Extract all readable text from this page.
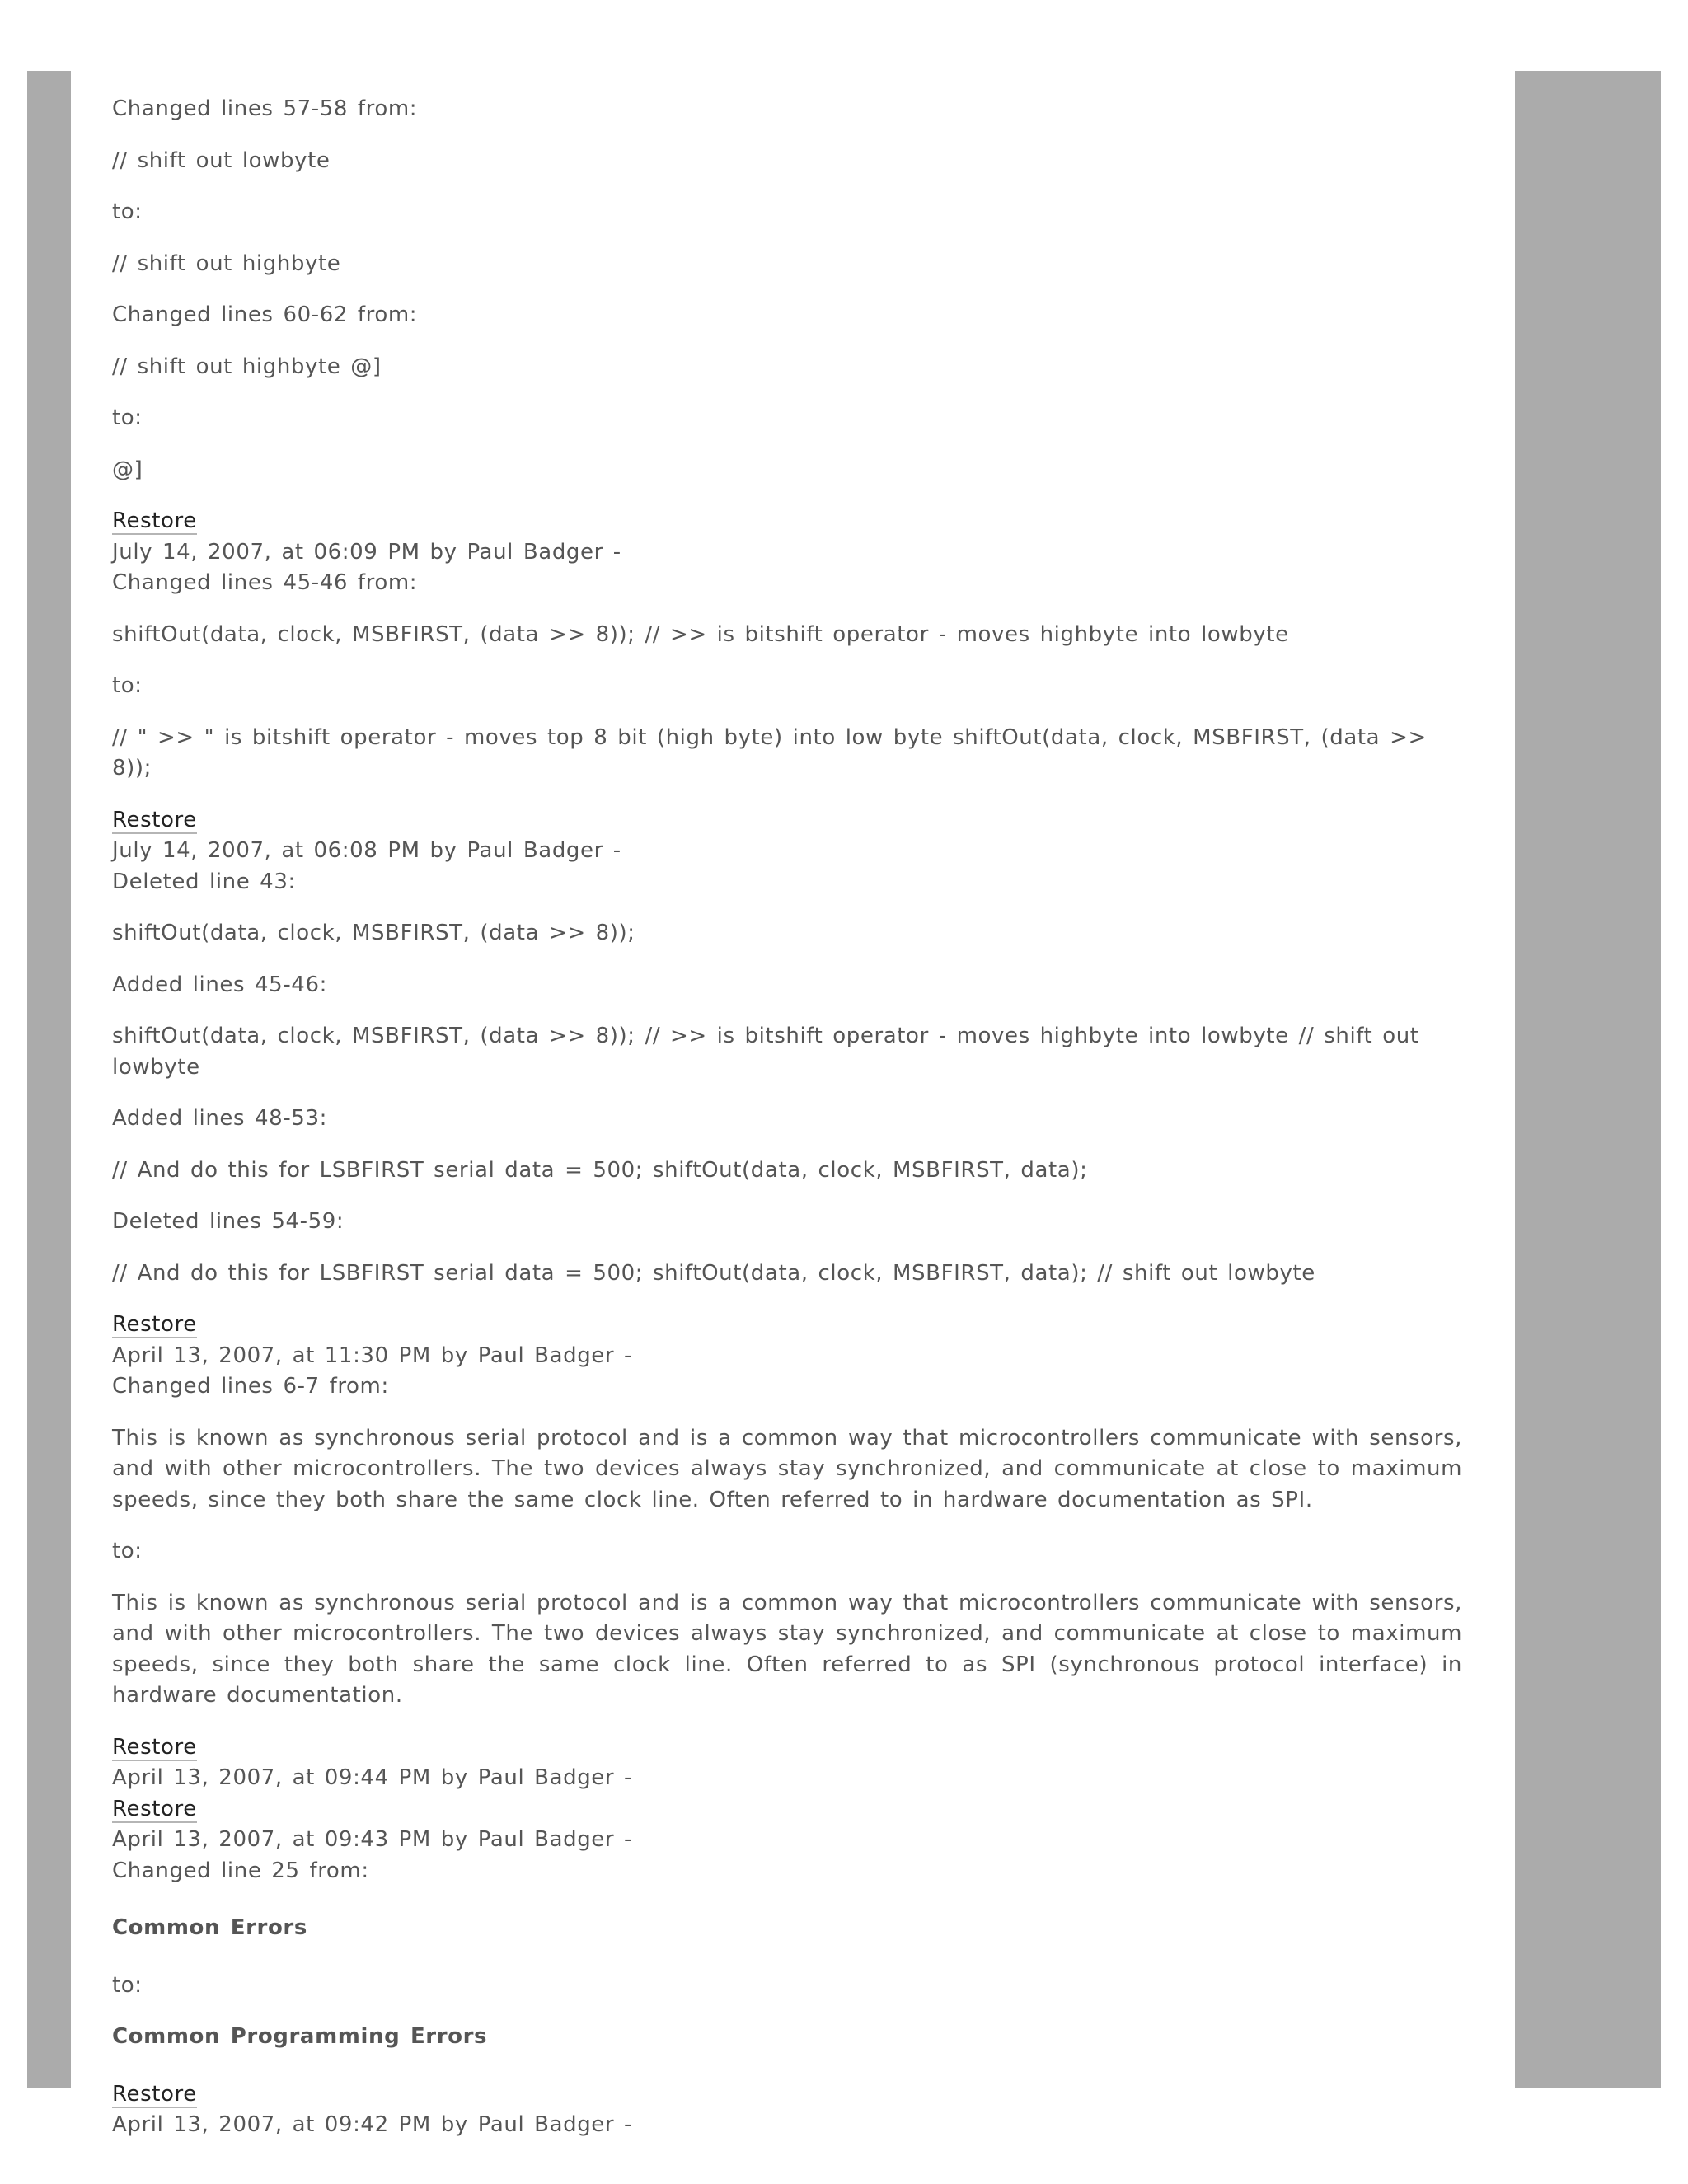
Changed lines 57-58 from:

// shift out lowbyte

to:

// shift out highbyte

Changed lines 60-62 from:

// shift out highbyte @]

to:

@]

Restore
July 14, 2007, at 06:09 PM by Paul Badger -
Changed lines 45-46 from:

shiftOut(data, clock, MSBFIRST, (data >> 8)); // >> is bitshift operator - moves highbyte into lowbyte

to:

// " >> " is bitshift operator - moves top 8 bit (high byte) into low byte shiftOut(data, clock, MSBFIRST, (data >> 8));

Restore
July 14, 2007, at 06:08 PM by Paul Badger -
Deleted line 43:

shiftOut(data, clock, MSBFIRST, (data >> 8));

Added lines 45-46:

shiftOut(data, clock, MSBFIRST, (data >> 8)); // >> is bitshift operator - moves highbyte into lowbyte // shift out lowbyte

Added lines 48-53:

// And do this for LSBFIRST serial data = 500; shiftOut(data, clock, MSBFIRST, data);

Deleted lines 54-59:

// And do this for LSBFIRST serial data = 500; shiftOut(data, clock, MSBFIRST, data); // shift out lowbyte

Restore
April 13, 2007, at 11:30 PM by Paul Badger -
Changed lines 6-7 from:

This is known as synchronous serial protocol and is a common way that microcontrollers communicate with sensors, and with other microcontrollers. The two devices always stay synchronized, and communicate at close to maximum speeds, since they both share the same clock line. Often referred to in hardware documentation as SPI.

to:

This is known as synchronous serial protocol and is a common way that microcontrollers communicate with sensors, and with other microcontrollers. The two devices always stay synchronized, and communicate at close to maximum speeds, since they both share the same clock line. Often referred to as SPI (synchronous protocol interface) in hardware documentation.

Restore
April 13, 2007, at 09:44 PM by Paul Badger -
Restore
April 13, 2007, at 09:43 PM by Paul Badger -
Changed line 25 from:

Common Errors

to:

Common Programming Errors

Restore
April 13, 2007, at 09:42 PM by Paul Badger -
